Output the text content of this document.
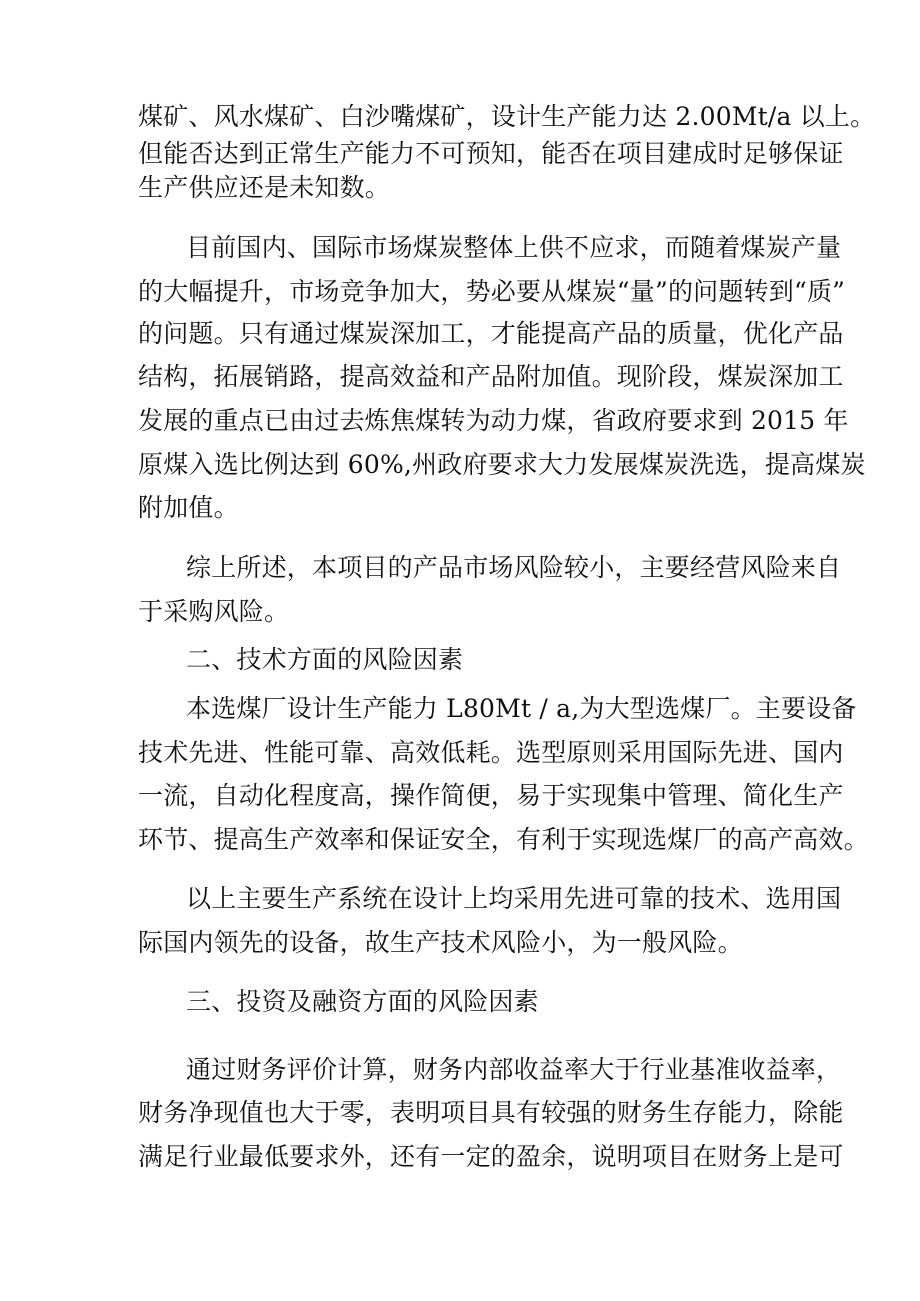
煤矿、风水煤矿、白沙嘴煤矿，设计生产能力达 2.00Mt/a 以上。

但能否达到正常生产能力不可预知，能否在项目建成时足够保证

生产供应还是未知数。

目前国内、国际市场煤炭整体上供不应求，而随着煤炭产量

的大幅提升，市场竞争加大，势必要从煤炭“量”的问题转到“质”

的问题。只有通过煤炭深加工，才能提高产品的质量，优化产品

结构，拓展销路，提高效益和产品附加值。现阶段，煤炭深加工

发展的重点已由过去炼焦煤转为动力煤，省政府要求到 2015 年

原煤入选比例达到 60%,州政府要求大力发展煤炭洗选，提高煤炭

附加值。

综上所述，本项目的产品市场风险较小，主要经营风险来自

于采购风险。

二、技术方面的风险因素

本选煤厂设计生产能力 L80Mt / a,为大型选煤厂。主要设备

技术先进、性能可靠、高效低耗。选型原则采用国际先进、国内

一流，自动化程度高，操作简便，易于实现集中管理、简化生产

环节、提高生产效率和保证安全，有利于实现选煤厂的高产高效。

以上主要生产系统在设计上均采用先进可靠的技术、选用国

际国内领先的设备，故生产技术风险小，为一般风险。

三、投资及融资方面的风险因素

通过财务评价计算，财务内部收益率大于行业基准收益率，

财务净现值也大于零，表明项目具有较强的财务生存能力，除能

满足行业最低要求外，还有一定的盈余，说明项目在财务上是可
